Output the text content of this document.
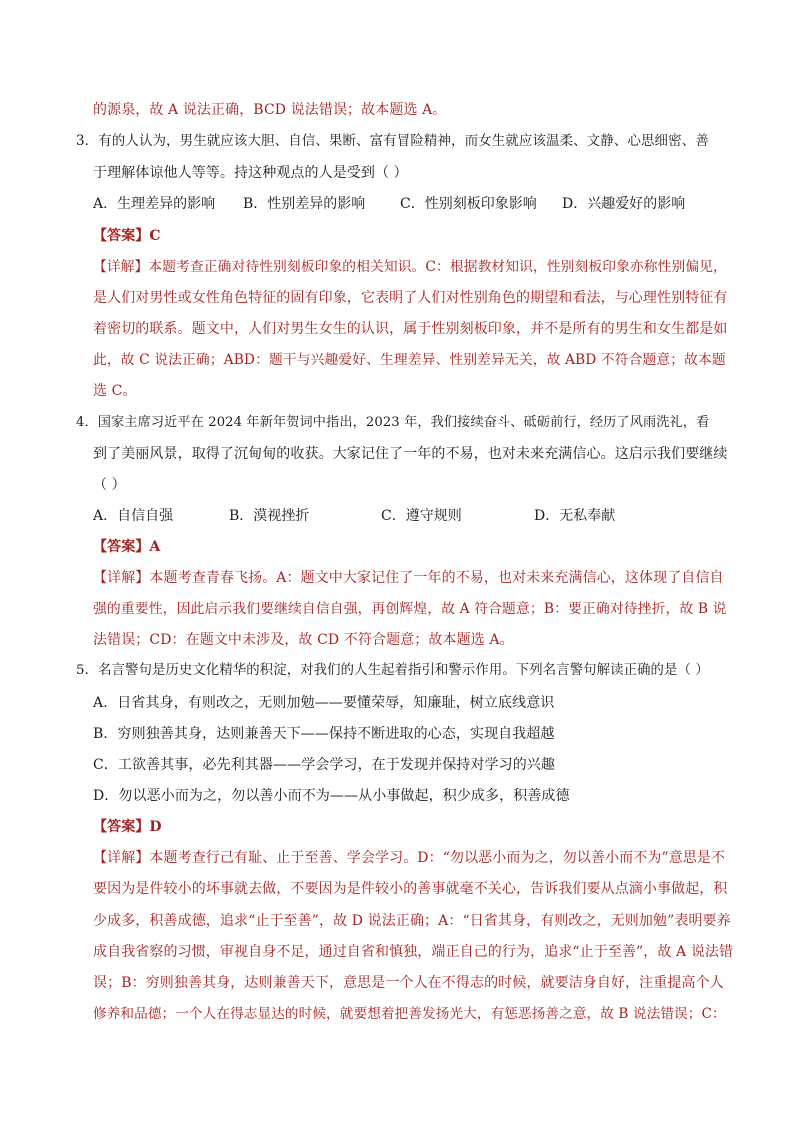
的源泉，故 A 说法正确，BCD 说法错误；故本题选 A。
3．有的人认为，男生就应该大胆、自信、果断、富有冒险精神，而女生就应该温柔、文静、心思细密、善
于理解体谅他人等等。持这种观点的人是受到（ ）
A．生理差异的影响 B．性别差异的影响 C．性别刻板印象影响 D．兴趣爱好的影响
【答案】C
【详解】本题考查正确对待性别刻板印象的相关知识。C：根据教材知识，性别刻板印象亦称性别偏见，
是人们对男性或女性角色特征的固有印象，它表明了人们对性别角色的期望和看法，与心理性别特征有
着密切的联系。题文中，人们对男生女生的认识，属于性别刻板印象，并不是所有的男生和女生都是如
此，故 C 说法正确；ABD：题干与兴趣爱好、生理差异、性别差异无关，故 ABD 不符合题意；故本题
选 C。
4．国家主席习近平在 2024 年新年贺词中指出，2023 年，我们接续奋斗、砥砺前行，经历了风雨洗礼，看
到了美丽风景，取得了沉甸甸的收获。大家记住了一年的不易，也对未来充满信心。这启示我们要继续
（ ）
A．自信自强	B．漠视挫折	C．遵守规则	D．无私奉献
【答案】A
【详解】本题考查青春飞扬。A：题文中大家记住了一年的不易，也对未来充满信心，这体现了自信自
强的重要性，因此启示我们要继续自信自强，再创辉煌，故 A 符合题意；B：要正确对待挫折，故 B 说
法错误；CD：在题文中未涉及，故 CD 不符合题意；故本题选 A。
5．名言警句是历史文化精华的积淀，对我们的人生起着指引和警示作用。下列名言警句解读正确的是（ ）
A．日省其身，有则改之，无则加勉——要懂荣辱，知廉耻，树立底线意识
B．穷则独善其身，达则兼善天下——保持不断进取的心态，实现自我超越
C．工欲善其事，必先利其器——学会学习，在于发现并保持对学习的兴趣
D．勿以恶小而为之，勿以善小而不为——从小事做起，积少成多，积善成德
【答案】D
【详解】本题考查行己有耻、止于至善、学会学习。D：“勿以恶小而为之，勿以善小而不为”意思是不
要因为是件较小的坏事就去做，不要因为是件较小的善事就毫不关心，告诉我们要从点滴小事做起，积
少成多，积善成德，追求“止于至善”，故 D 说法正确；A：“日省其身，有则改之，无则加勉”表明要养
成自我省察的习惯，审视自身不足，通过自省和慎独，端正自己的行为，追求“止于至善”，故 A 说法错
误；B：穷则独善其身，达则兼善天下，意思是一个人在不得志的时候，就要洁身自好，注重提高个人
修养和品德；一个人在得志显达的时候，就要想着把善发扬光大，有惩恶扬善之意，故 B 说法错误；C：
